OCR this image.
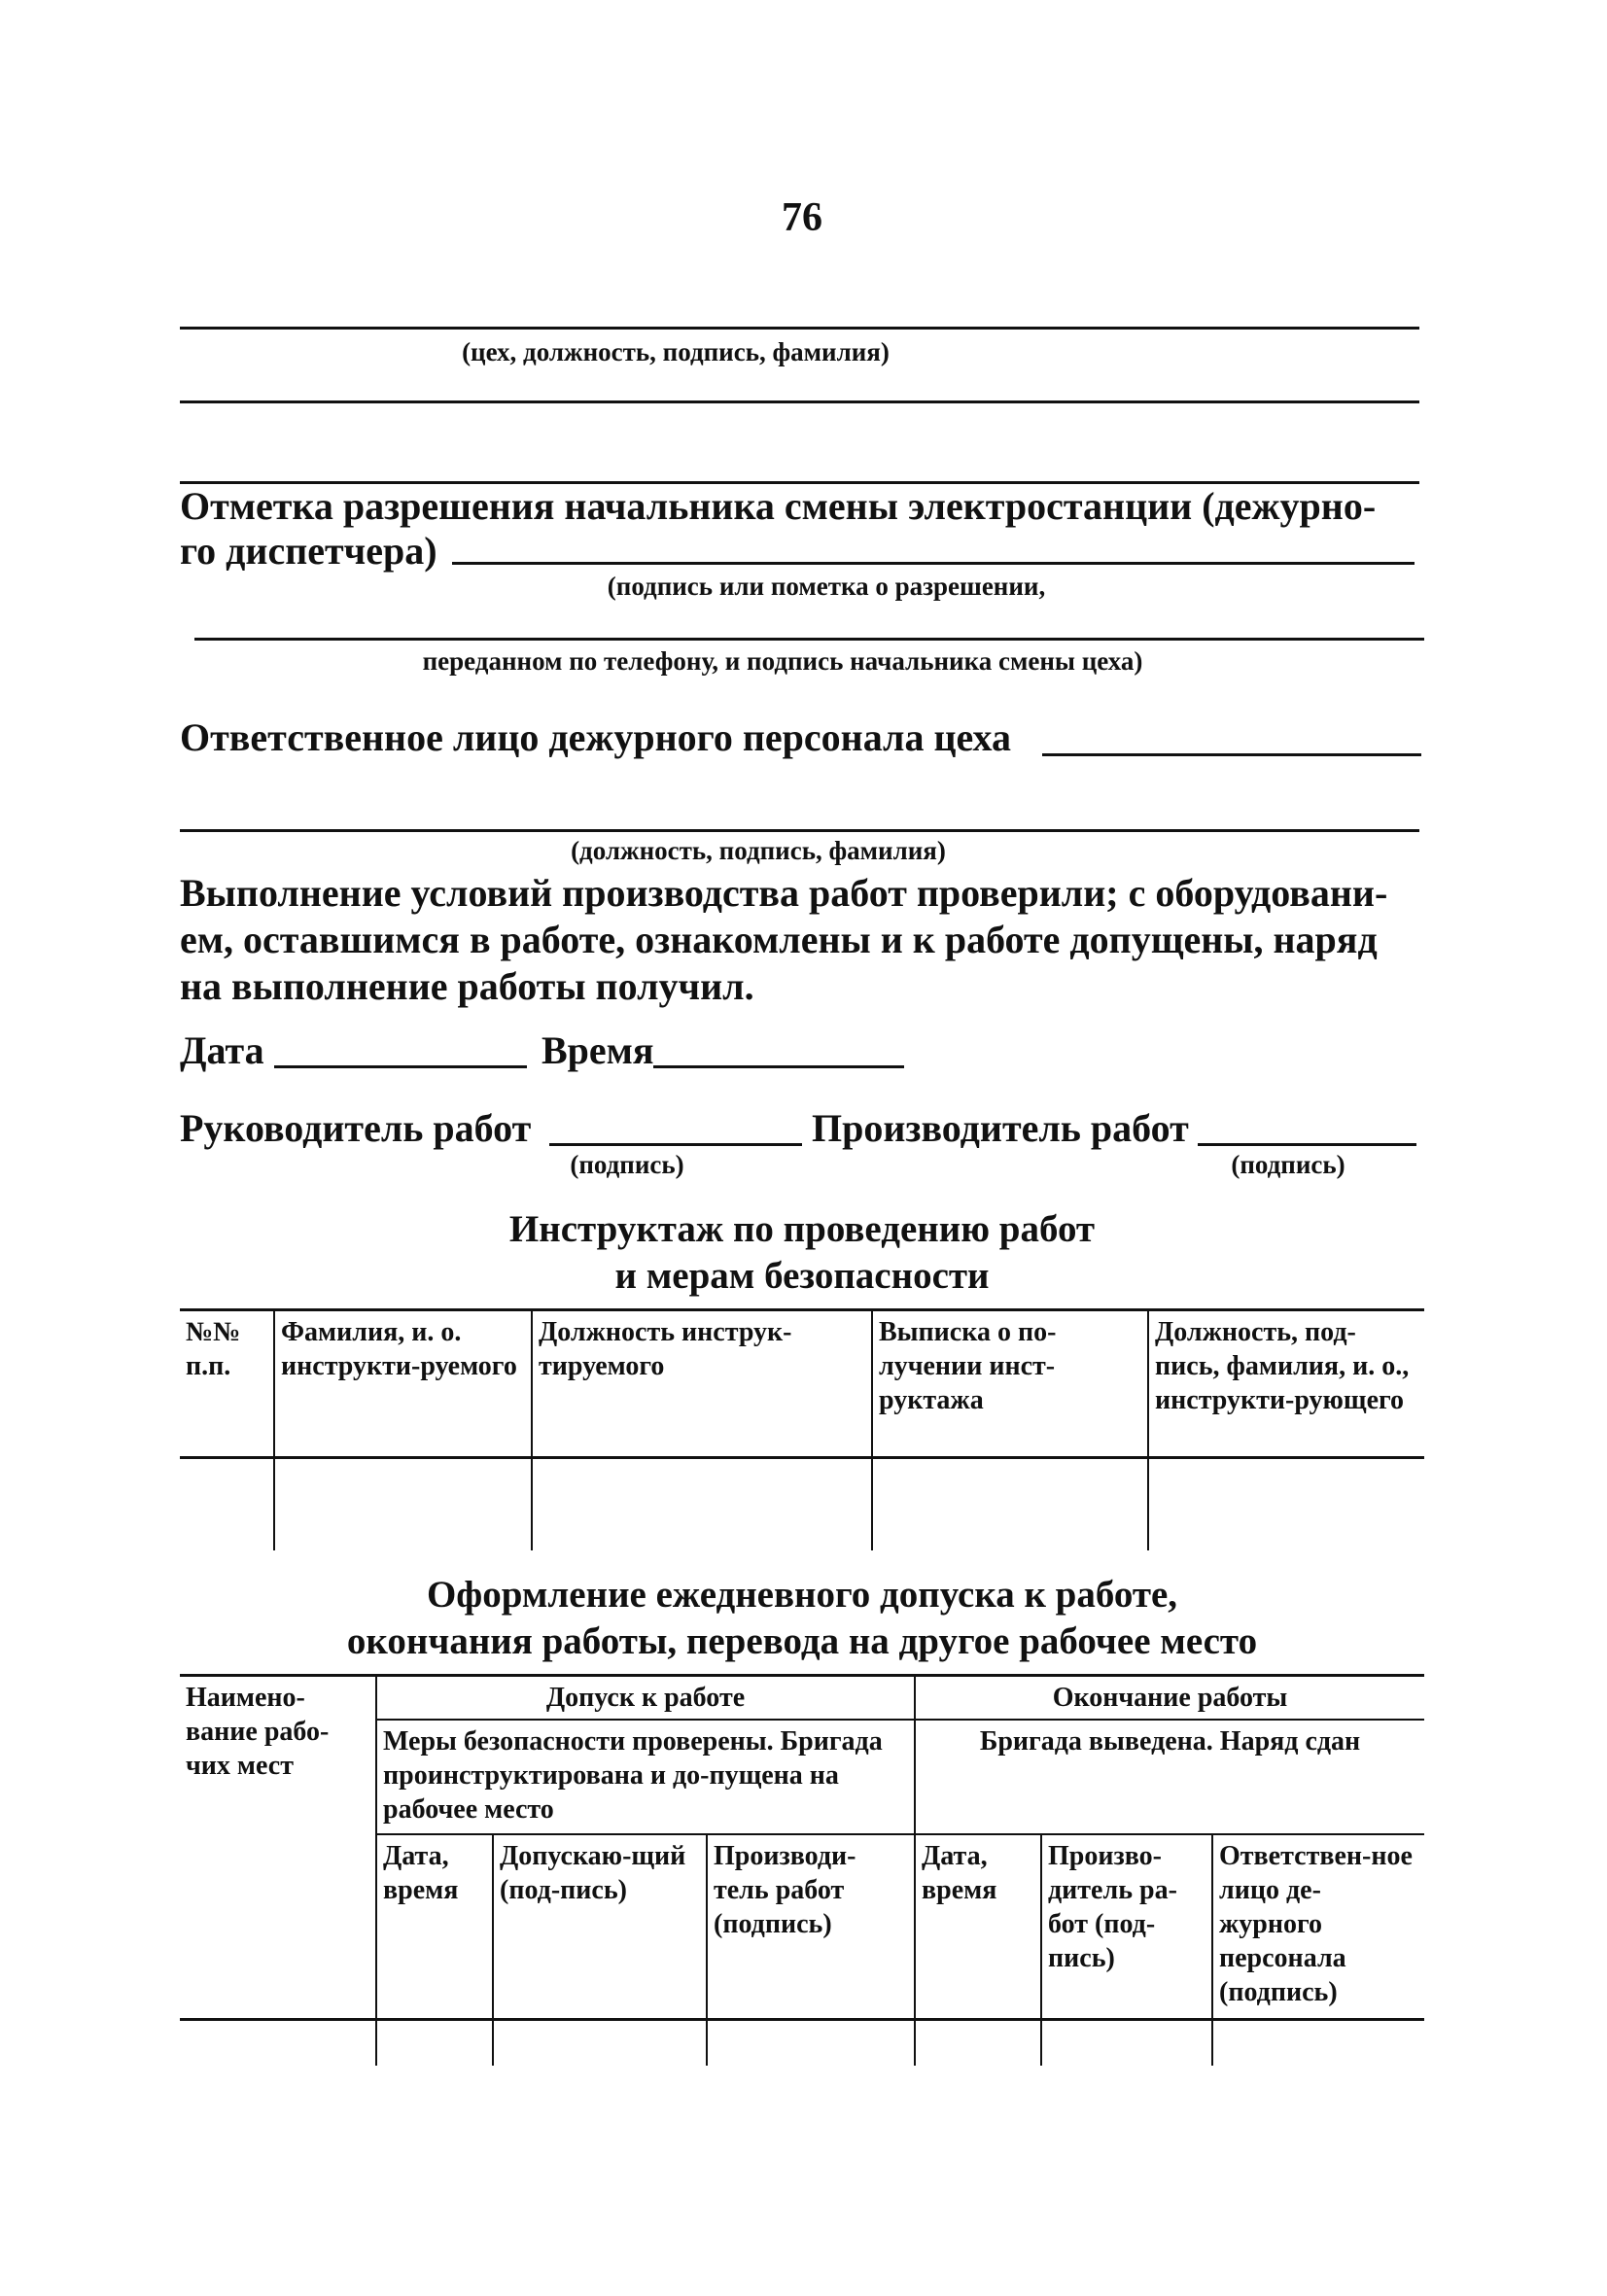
76
(цех, должность, подпись, фамилия)
Отметка разрешения начальника смены электростанции (дежурно-
го диспетчера)
(подпись или пометка о разрешении,
переданном по телефону, и подпись начальника смены цеха)
Ответственное лицо дежурного персонала цеха
(должность, подпись, фамилия)
Выполнение условий производства работ проверили; с оборудовани-
ем, оставшимся в работе, ознакомлены и к работе допущены, наряд
на выполнение работы получил.
Дата	Время
Руководитель работ
(подпись)
Производитель работ
(подпись)
Инструктаж по проведению работ
и мерам безопасности
№№ п.п.	Фамилия, и. о. инструкти-руемого	Должность инструк-тируемого	Выписка о по-лучении инст-руктажа	Должность, под-пись, фамилия, и. о., инструкти-рующего

Оформление ежедневного допуска к работе,
окончания работы, перевода на другое рабочее место
Наимено-вание рабо-чих мест	Допуск к работе			Окончание работы		
	Меры безопасности проверены. Бригада проинструктирована и до-пущена на рабочее место			Бригада выведена. Наряд сдан		
	Дата, время	Допускаю-щий (под-пись)	Производи-тель работ (подпись)	Дата, время	Произво-дитель ра-бот (под-пись)	Ответствен-ное лицо де-журного персонала (подпись)
